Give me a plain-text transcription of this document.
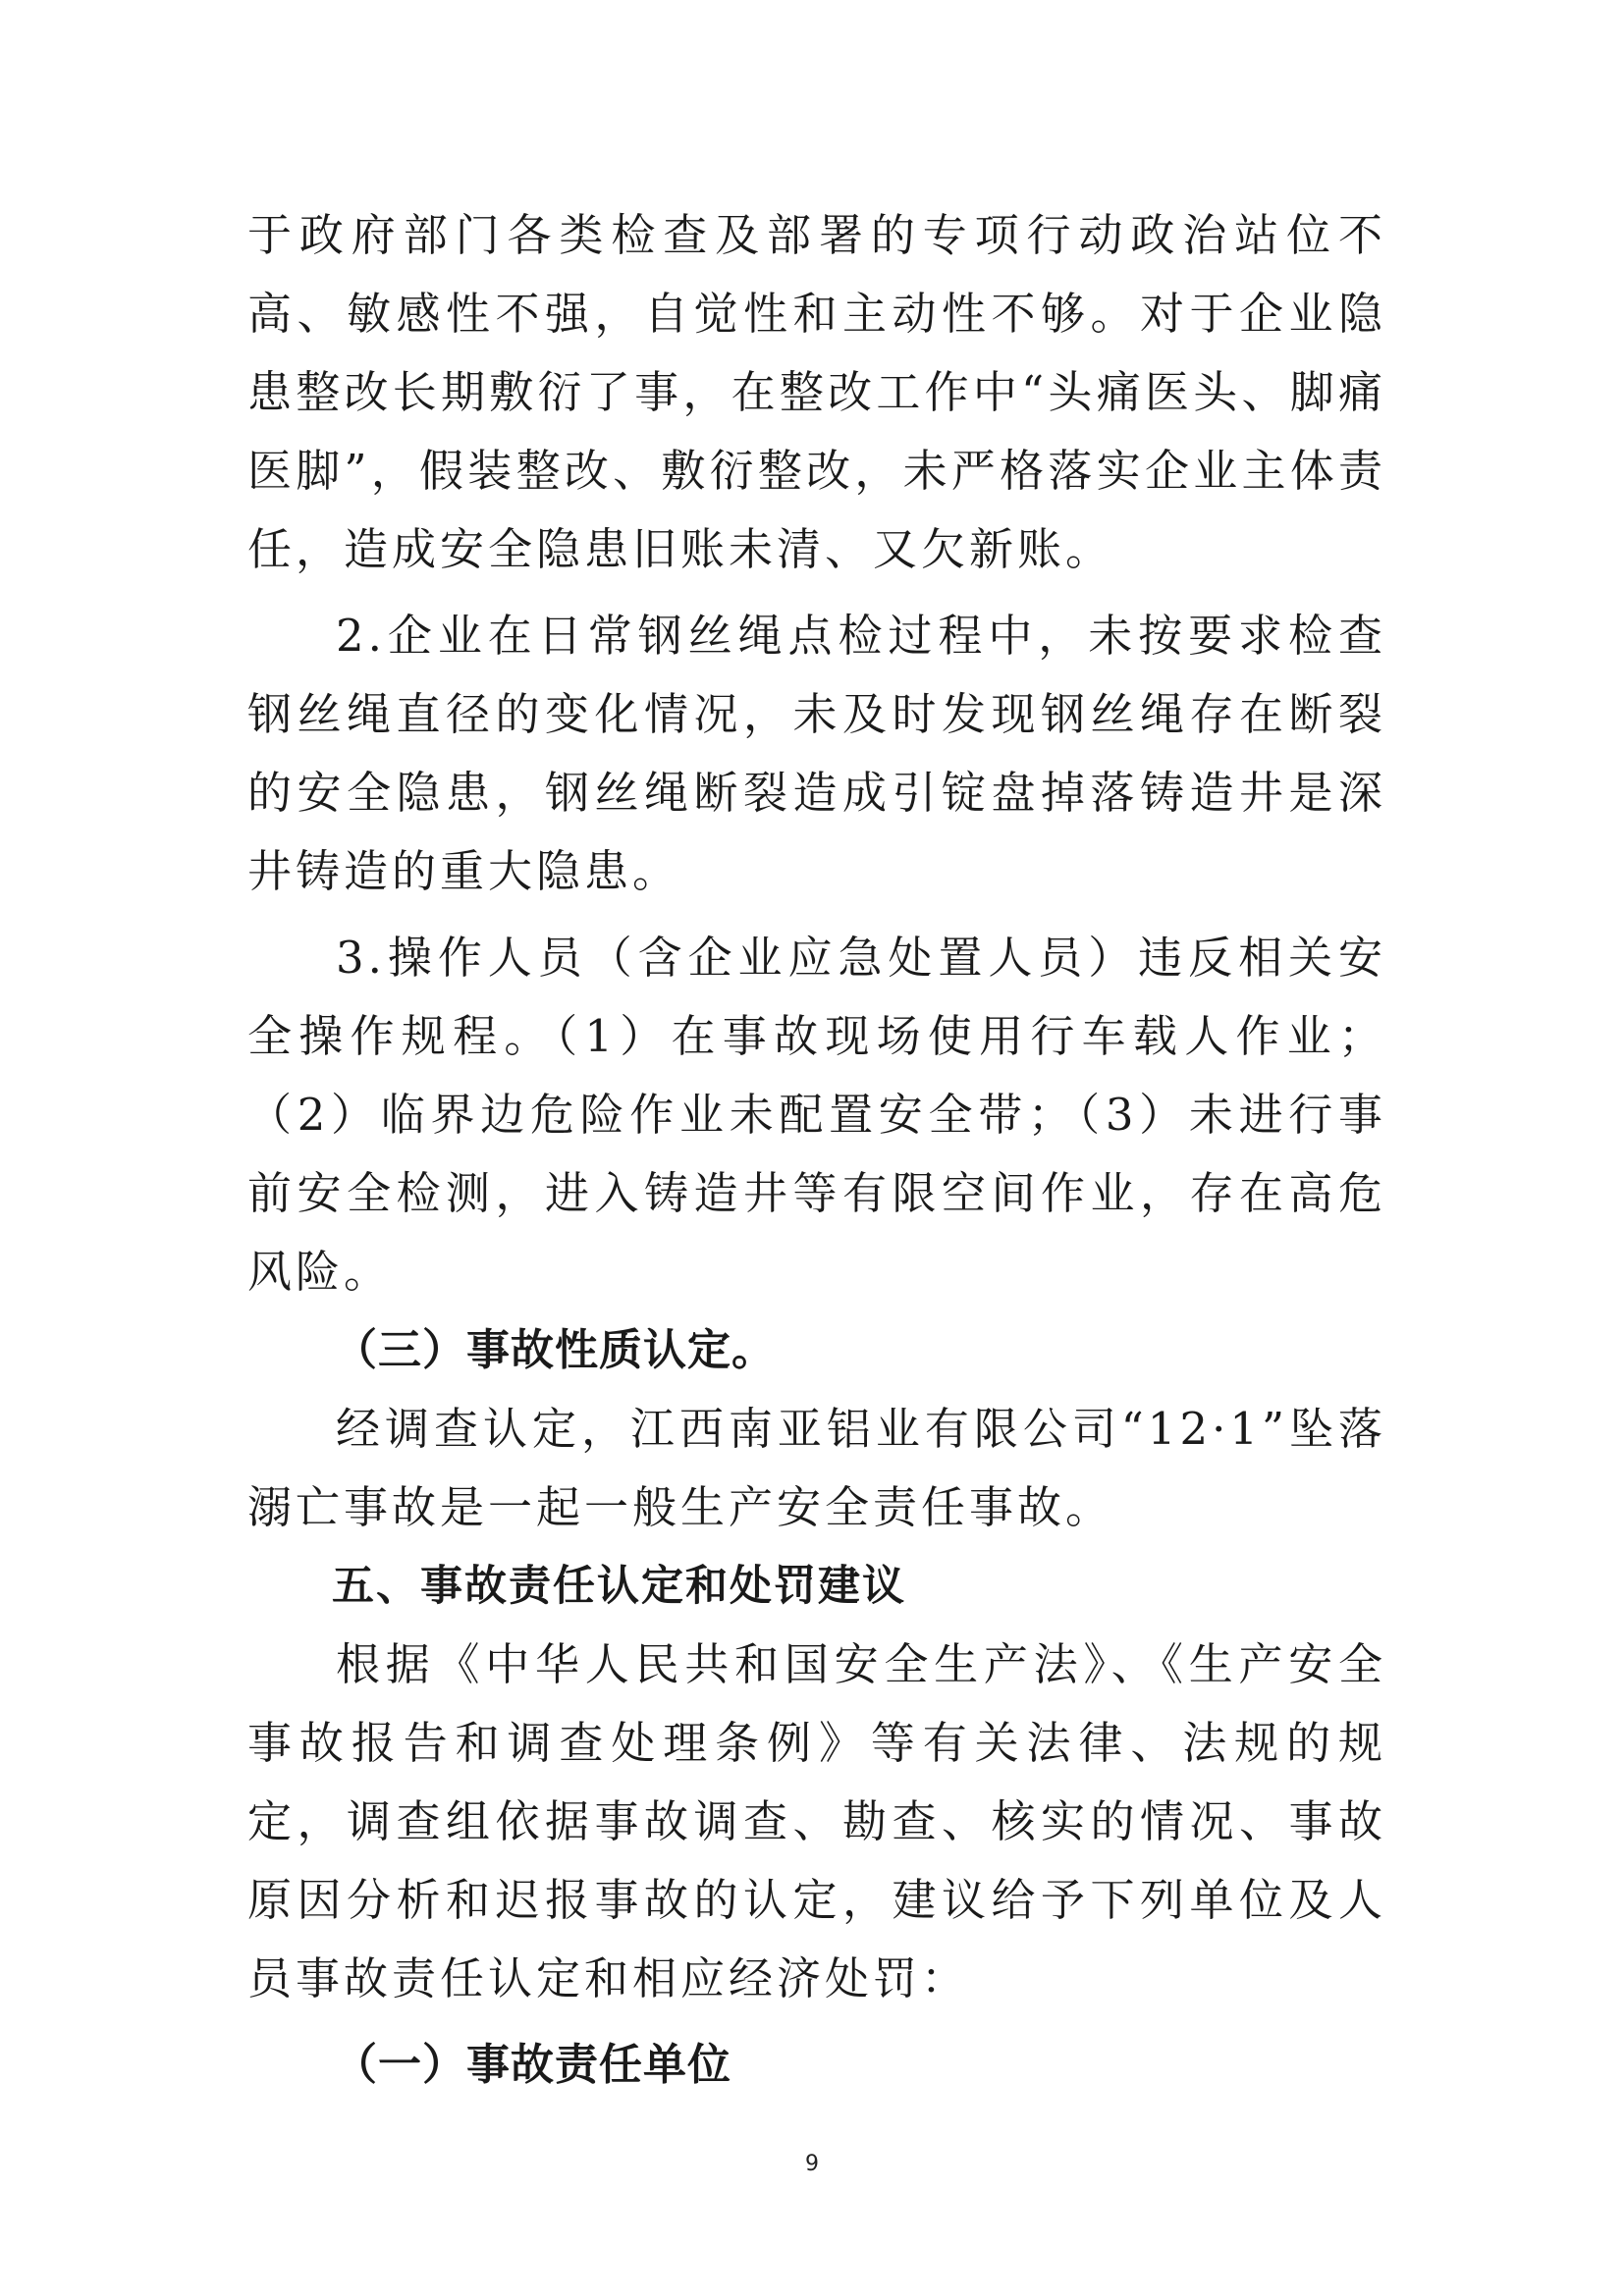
于政府部门各类检查及部署的专项行动政治站位不高、敏感性不强，自觉性和主动性不够。对于企业隐患整改长期敷衍了事，在整改工作中“头痛医头、脚痛医脚”，假装整改、敷衍整改，未严格落实企业主体责任，造成安全隐患旧账未清、又欠新账。

2.企业在日常钢丝绳点检过程中，未按要求检查钢丝绳直径的变化情况，未及时发现钢丝绳存在断裂的安全隐患，钢丝绳断裂造成引锭盘掉落铸造井是深井铸造的重大隐患。

3.操作人员（含企业应急处置人员）违反相关安全操作规程。（1）在事故现场使用行车载人作业；（2）临界边危险作业未配置安全带；（3）未进行事前安全检测，进入铸造井等有限空间作业，存在高危风险。

（三）事故性质认定。

经调查认定，江西南亚铝业有限公司“12·1”坠落溺亡事故是一起一般生产安全责任事故。

五、事故责任认定和处罚建议

根据《中华人民共和国安全生产法》、《生产安全事故报告和调查处理条例》等有关法律、法规的规定，调查组依据事故调查、勘查、核实的情况、事故原因分析和迟报事故的认定，建议给予下列单位及人员事故责任认定和相应经济处罚：

（一）事故责任单位

9
